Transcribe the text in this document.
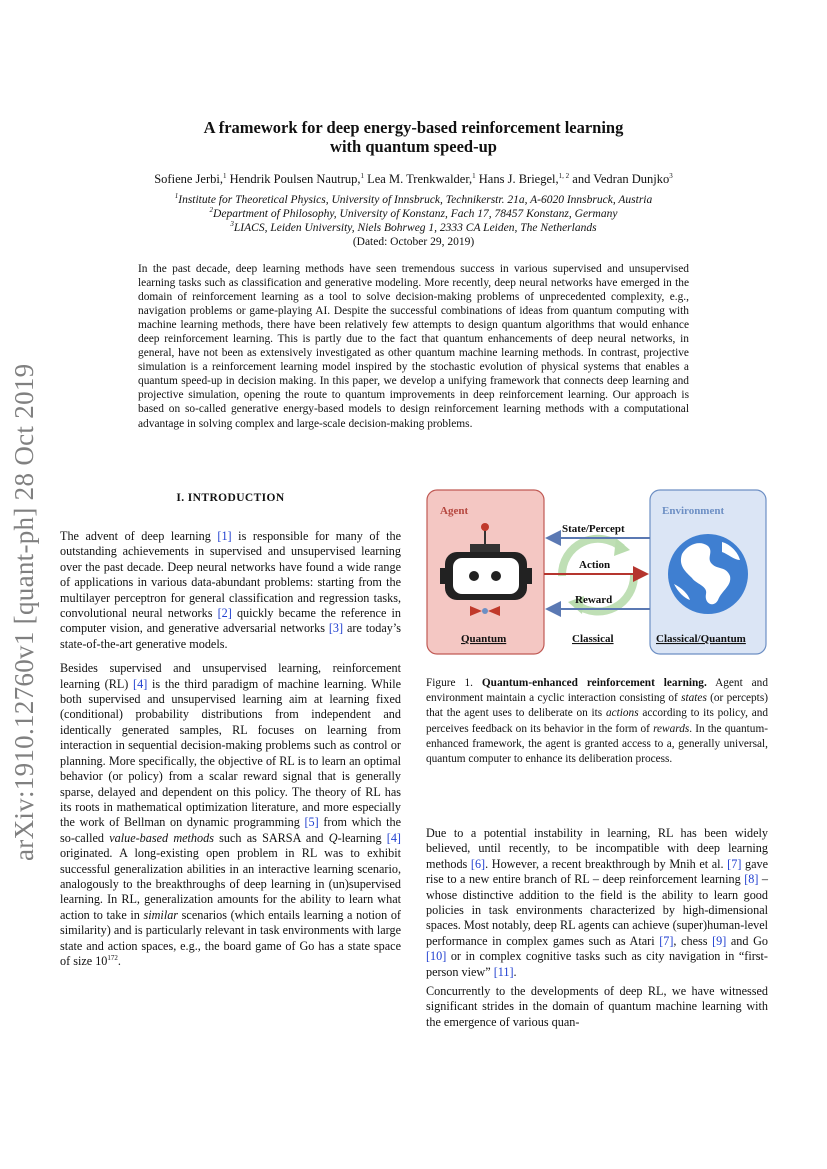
arXiv:1910.12760v1 [quant-ph] 28 Oct 2019
A framework for deep energy-based reinforcement learning
with quantum speed-up
Sofiene Jerbi,$^1$ Hendrik Poulsen Nautrup,$^1$ Lea M. Trenkwalder,$^1$ Hans J. Briegel,$^{1, 2}$ and Vedran Dunjko$^3$
$^1$Institute for Theoretical Physics, University of Innsbruck, Technikerstr. 21a, A-6020 Innsbruck, Austria
$^2$Department of Philosophy, University of Konstanz, Fach 17, 78457 Konstanz, Germany
$^3$LIACS, Leiden University, Niels Bohrweg 1, 2333 CA Leiden, The Netherlands
(Dated: October 29, 2019)
In the past decade, deep learning methods have seen tremendous success in various supervised and unsupervised learning tasks such as classification and generative modeling. More recently, deep neural networks have emerged in the domain of reinforcement learning as a tool to solve decision-making problems of unprecedented complexity, e.g., navigation problems or game-playing AI. Despite the successful combinations of ideas from quantum computing with machine learning methods, there have been relatively few attempts to design quantum algorithms that would enhance deep reinforcement learning. This is partly due to the fact that quantum enhancements of deep neural networks, in general, have not been as extensively investigated as other quantum machine learning methods. In contrast, projective simulation is a reinforcement learning model inspired by the stochastic evolution of physical systems that enables a quantum speed-up in decision making. In this paper, we develop a unifying framework that connects deep learning and projective simulation, opening the route to quantum improvements in deep reinforcement learning. Our approach is based on so-called generative energy-based models to design reinforcement learning methods with a computational advantage in solving complex and large-scale decision-making problems.
I. INTRODUCTION

The advent of deep learning [1] is responsible for many of the outstanding achievements in supervised and unsupervised learning over the past decade. Deep neural networks have found a wide range of applications in various data-abundant problems: starting from the multilayer perceptron for general classification and regression tasks, convolutional neural networks [2] quickly became the reference in computer vision, and generative adversarial networks [3] are today’s state-of-the-art generative models.

Besides supervised and unsupervised learning, reinforcement learning (RL) [4] is the third paradigm of machine learning. While both supervised and unsupervised learning aim at learning fixed (conditional) probability distributions from independent and identically generated samples, RL focuses on learning from interaction in sequential decision-making problems such as control or planning. More specifically, the objective of RL is to learn an optimal behavior (or policy) from a scalar reward signal that is generally sparse, delayed and dependent on this policy. The theory of RL has its roots in mathematical optimization literature, and more especially the work of Bellman on dynamic programming [5] from which the so-called value-based methods such as SARSA and Q-learning [4] originated. A long-existing open problem in RL was to exhibit successful generalization abilities in an interactive learning scenario, analogously to the breakthroughs of deep learning in (un)supervised learning. In RL, generalization amounts for the ability to learn what action to take in similar scenarios (which entails learning a notion of similarity) and is particularly relevant in task environments with large state and action spaces, e.g., the board game of Go has a state space of size $10^{172}$.

Agent
Quantum
Environment
Classical/Quantum
State/Percept
Action
Reward
Classical
Figure 1. Quantum-enhanced reinforcement learning. Agent and environment maintain a cyclic interaction consisting of states (or percepts) that the agent uses to deliberate on its actions according to its policy, and perceives feedback on its behavior in the form of rewards. In the quantum-enhanced framework, the agent is granted access to a, generally universal, quantum computer to enhance its deliberation process.

Due to a potential instability in learning, RL has been widely believed, until recently, to be incompatible with deep learning methods [6]. However, a recent breakthrough by Mnih et al. [7] gave rise to a new entire branch of RL – deep reinforcement learning [8] – whose distinctive addition to the field is the ability to learn good policies in task environments characterized by high-dimensional spaces. Most notably, deep RL agents can achieve (super)human-level performance in complex games such as Atari [7], chess [9] and Go [10] or in complex cognitive tasks such as city navigation in “first-person view” [11].

Concurrently to the developments of deep RL, we have witnessed significant strides in the domain of quantum machine learning with the emergence of various quan-
